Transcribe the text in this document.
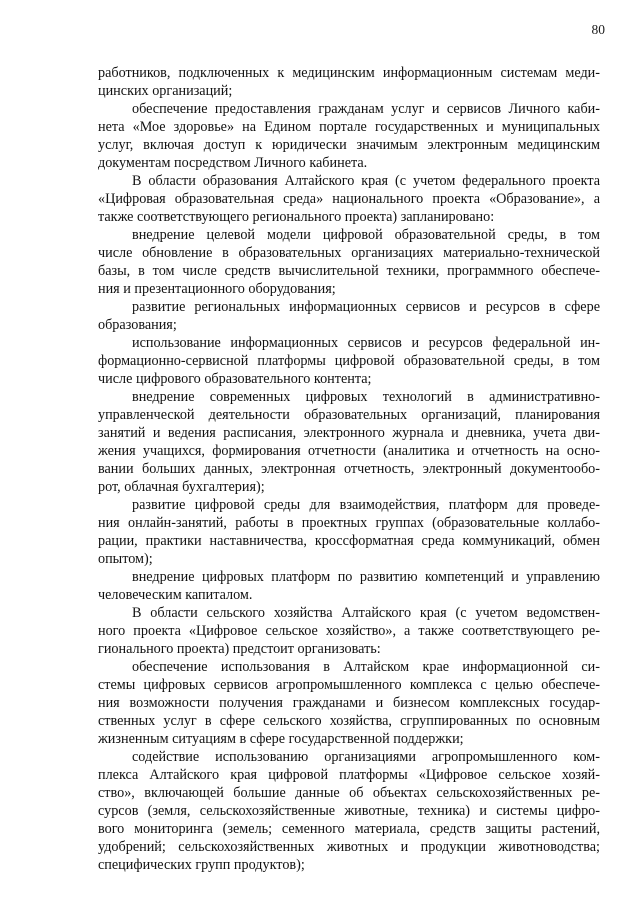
80
работников, подключенных к медицинским информационным системам меди-
цинских организаций;
обеспечение предоставления гражданам услуг и сервисов Личного каби-
нета «Мое здоровье» на Едином портале государственных и муниципальных
услуг, включая доступ к юридически значимым электронным медицинским
документам посредством Личного кабинета.
В области образования Алтайского края (с учетом федерального проекта
«Цифровая образовательная среда» национального проекта «Образование», а
также соответствующего регионального проекта) запланировано:
внедрение целевой модели цифровой образовательной среды, в том
числе обновление в образовательных организациях материально-технической
базы, в том числе средств вычислительной техники, программного обеспече-
ния и презентационного оборудования;
развитие региональных информационных сервисов и ресурсов в сфере
образования;
использование информационных сервисов и ресурсов федеральной ин-
формационно-сервисной платформы цифровой образовательной среды, в том
числе цифрового образовательного контента;
внедрение современных цифровых технологий в административно-
управленческой деятельности образовательных организаций, планирования
занятий и ведения расписания, электронного журнала и дневника, учета дви-
жения учащихся, формирования отчетности (аналитика и отчетность на осно-
вании больших данных, электронная отчетность, электронный документообо-
рот, облачная бухгалтерия);
развитие цифровой среды для взаимодействия, платформ для проведе-
ния онлайн-занятий, работы в проектных группах (образовательные коллабо-
рации, практики наставничества, кроссформатная среда коммуникаций, обмен
опытом);
внедрение цифровых платформ по развитию компетенций и управлению
человеческим капиталом.
В области сельского хозяйства Алтайского края (с учетом ведомствен-
ного проекта «Цифровое сельское хозяйство», а также соответствующего ре-
гионального проекта) предстоит организовать:
обеспечение использования в Алтайском крае информационной си-
стемы цифровых сервисов агропромышленного комплекса с целью обеспече-
ния возможности получения гражданами и бизнесом комплексных государ-
ственных услуг в сфере сельского хозяйства, сгруппированных по основным
жизненным ситуациям в сфере государственной поддержки;
содействие использованию организациями агропромышленного ком-
плекса Алтайского края цифровой платформы «Цифровое сельское хозяй-
ство», включающей большие данные об объектах сельскохозяйственных ре-
сурсов (земля, сельскохозяйственные животные, техника) и системы цифро-
вого мониторинга (земель; семенного материала, средств защиты растений,
удобрений; сельскохозяйственных животных и продукции животноводства;
специфических групп продуктов);
